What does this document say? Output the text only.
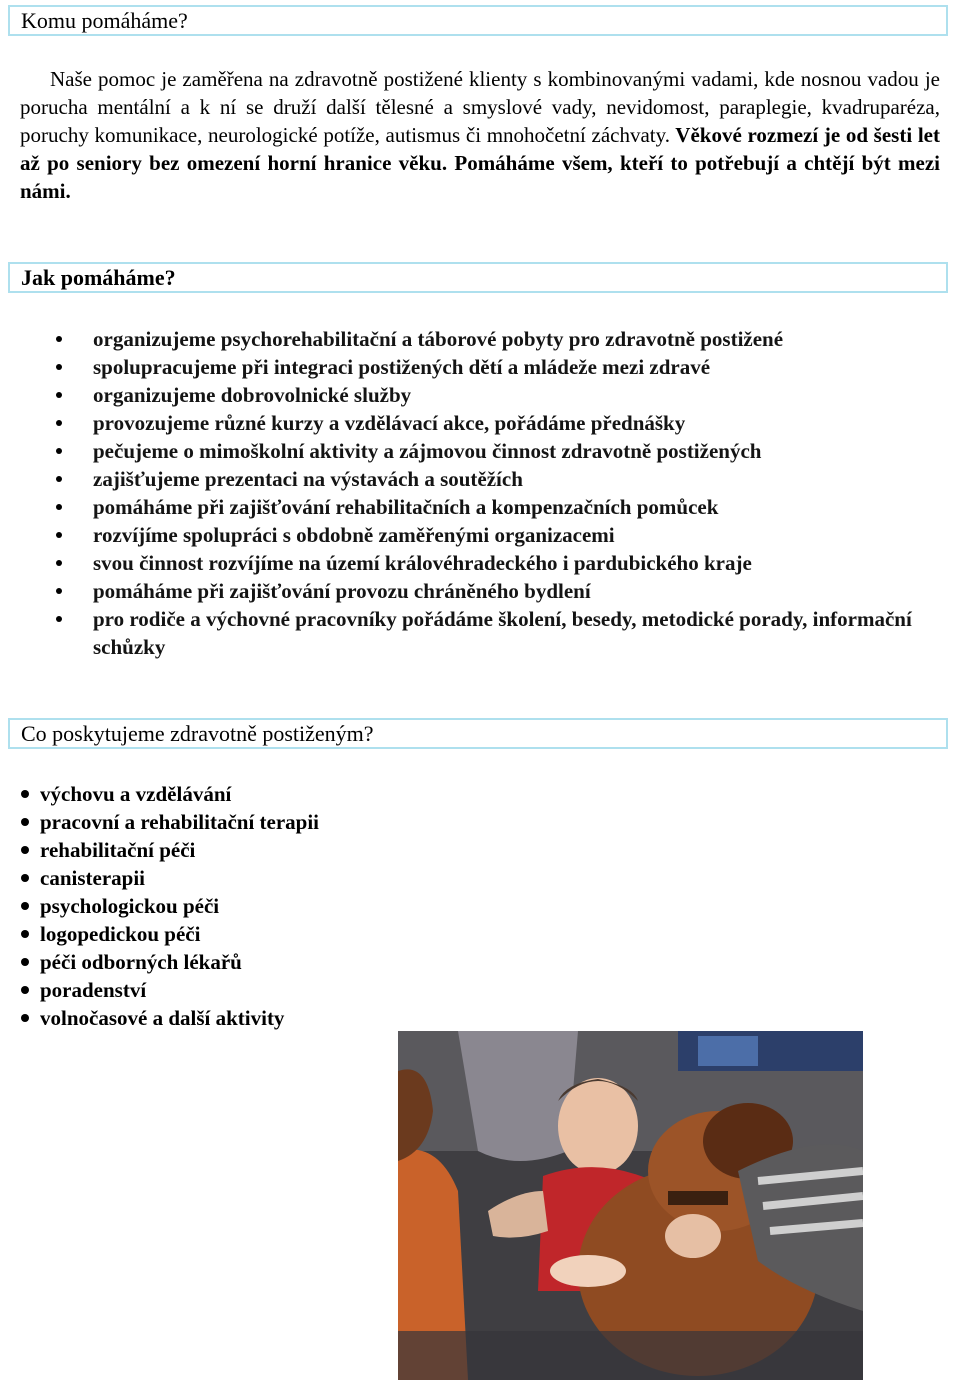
Komu pomáháme?

Naše pomoc je zaměřena na zdravotně postižené klienty s kombinovanými vadami, kde nosnou vadou je porucha mentální a k ní se druží další tělesné a smyslové vady, nevidomost, paraplegie, kvadruparéza, poruchy komunikace, neurologické potíže, autismus či mnohočetní záchvaty. Věkové rozmezí je od šesti let až po seniory bez omezení horní hranice věku. Pomáháme všem, kteří to potřebují a chtějí být mezi námi.

Jak pomáháme?
organizujeme psychorehabilitační a táborové pobyty pro zdravotně postižené
spolupracujeme při integraci postižených dětí a mládeže mezi zdravé
organizujeme dobrovolnické služby
provozujeme různé kurzy a vzdělávací akce, pořádáme přednášky
pečujeme o mimoškolní aktivity a zájmovou činnost zdravotně postižených
zajišťujeme prezentaci na výstavách a soutěžích
pomáháme při zajišťování rehabilitačních a kompenzačních pomůcek
rozvíjíme spolupráci s obdobně zaměřenými organizacemi
svou činnost rozvíjíme na území královéhradeckého i pardubického kraje
pomáháme při zajišťování provozu chráněného bydlení
pro rodiče a výchovné pracovníky pořádáme školení, besedy, metodické porady, informační schůzky
Co poskytujeme zdravotně postiženým?
výchovu a vzdělávání
pracovní a rehabilitační terapii
rehabilitační péči
canisterapii
psychologickou péči
logopedickou péči
péči odborných lékařů
poradenství
volnočasové a další aktivity
